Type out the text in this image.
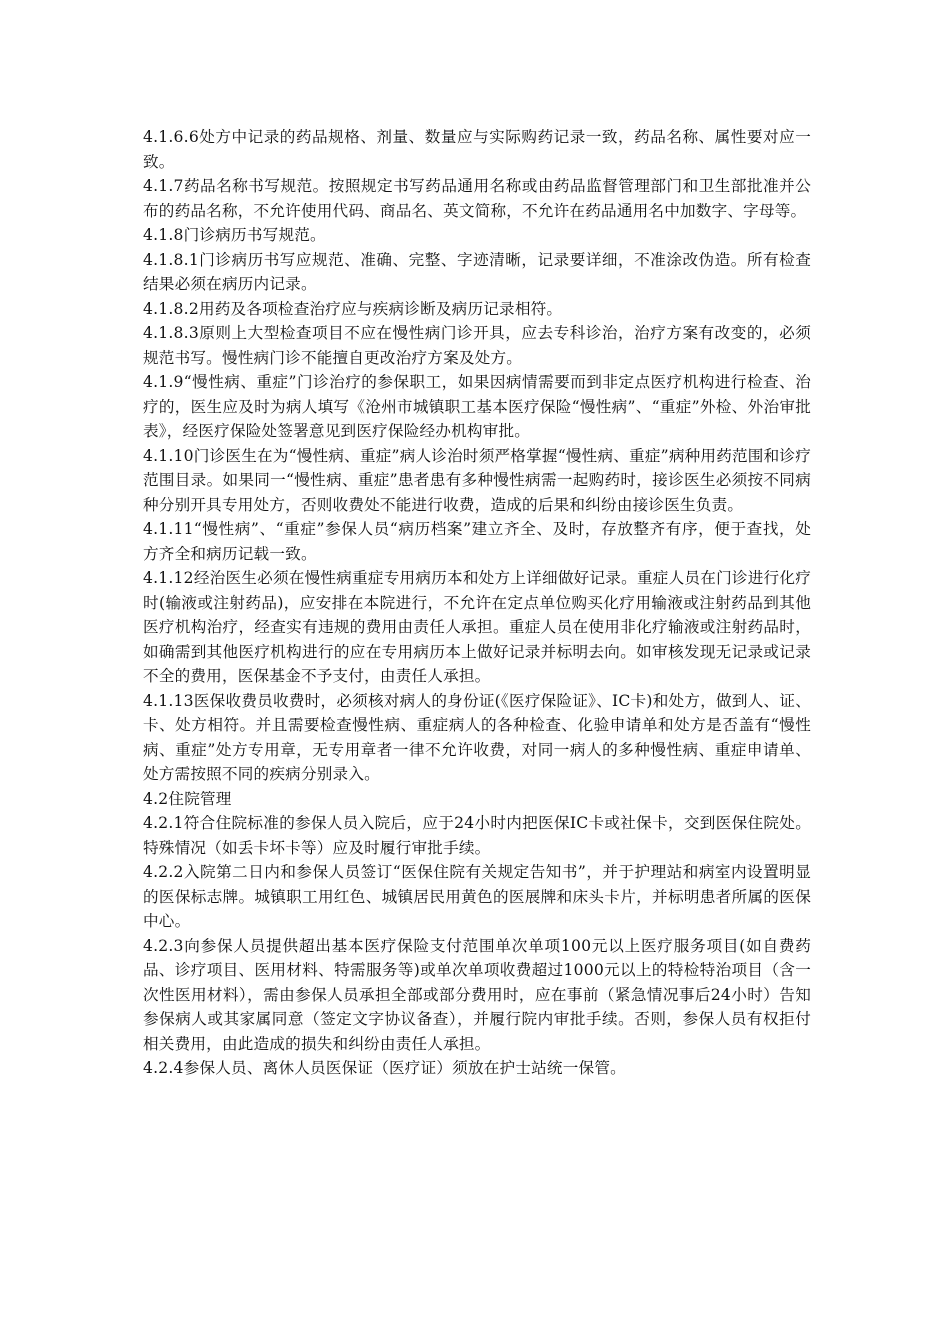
4.1.6.6处方中记录的药品规格、剂量、数量应与实际购药记录一致，药品名称、属性要对应一致。

4.1.7药品名称书写规范。按照规定书写药品通用名称或由药品监督管理部门和卫生部批准并公布的药品名称，不允许使用代码、商品名、英文简称，不允许在药品通用名中加数字、字母等。

4.1.8门诊病历书写规范。

4.1.8.1门诊病历书写应规范、准确、完整、字迹清晰，记录要详细，不准涂改伪造。所有检查结果必须在病历内记录。

4.1.8.2用药及各项检查治疗应与疾病诊断及病历记录相符。

4.1.8.3原则上大型检查项目不应在慢性病门诊开具，应去专科诊治，治疗方案有改变的，必须规范书写。慢性病门诊不能擅自更改治疗方案及处方。

4.1.9“慢性病、重症”门诊治疗的参保职工，如果因病情需要而到非定点医疗机构进行检查、治疗的，医生应及时为病人填写《沧州市城镇职工基本医疗保险“慢性病”、“重症”外检、外治审批表》，经医疗保险处签署意见到医疗保险经办机构审批。

4.1.10门诊医生在为“慢性病、重症”病人诊治时须严格掌握“慢性病、重症”病种用药范围和诊疗范围目录。如果同一“慢性病、重症”患者患有多种慢性病需一起购药时，接诊医生必须按不同病种分别开具专用处方，否则收费处不能进行收费，造成的后果和纠纷由接诊医生负责。

4.1.11“慢性病”、“重症”参保人员“病历档案”建立齐全、及时，存放整齐有序，便于查找，处方齐全和病历记载一致。

4.1.12经治医生必须在慢性病重症专用病历本和处方上详细做好记录。重症人员在门诊进行化疗时(输液或注射药品)，应安排在本院进行，不允许在定点单位购买化疗用输液或注射药品到其他医疗机构治疗，经查实有违规的费用由责任人承担。重症人员在使用非化疗输液或注射药品时，如确需到其他医疗机构进行的应在专用病历本上做好记录并标明去向。如审核发现无记录或记录不全的费用，医保基金不予支付，由责任人承担。

4.1.13医保收费员收费时，必须核对病人的身份证(《医疗保险证》、IC卡)和处方，做到人、证、卡、处方相符。并且需要检查慢性病、重症病人的各种检查、化验申请单和处方是否盖有“慢性病、重症”处方专用章，无专用章者一律不允许收费，对同一病人的多种慢性病、重症申请单、处方需按照不同的疾病分别录入。

4.2住院管理

4.2.1符合住院标准的参保人员入院后，应于24小时内把医保IC卡或社保卡，交到医保住院处。特殊情况（如丢卡坏卡等）应及时履行审批手续。

4.2.2入院第二日内和参保人员签订“医保住院有关规定告知书”，并于护理站和病室内设置明显的医保标志牌。城镇职工用红色、城镇居民用黄色的医展牌和床头卡片，并标明患者所属的医保中心。

4.2.3向参保人员提供超出基本医疗保险支付范围单次单项100元以上医疗服务项目(如自费药品、诊疗项目、医用材料、特需服务等)或单次单项收费超过1000元以上的特检特治项目（含一次性医用材料），需由参保人员承担全部或部分费用时，应在事前（紧急情况事后24小时）告知参保病人或其家属同意（签定文字协议备查），并履行院内审批手续。否则，参保人员有权拒付相关费用，由此造成的损失和纠纷由责任人承担。

4.2.4参保人员、离休人员医保证（医疗证）须放在护士站统一保管。
